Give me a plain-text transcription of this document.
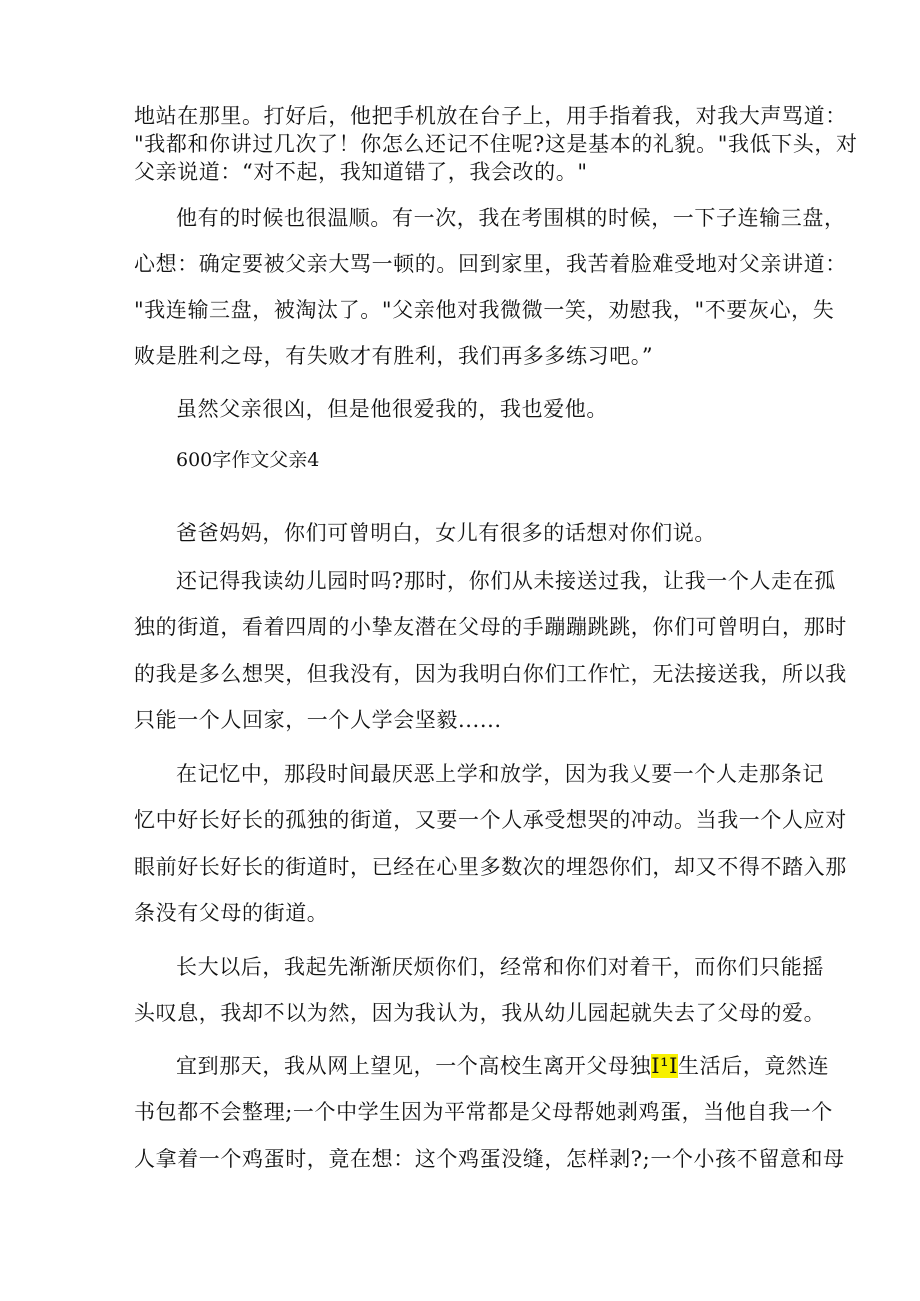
地站在那里。打好后，他把手机放在台子上，用手指着我，对我大声骂道：
"我都和你讲过几次了！你怎么还记不住呢?这是基本的礼貌。"我低下头，对
父亲说道：“对不起，我知道错了，我会改的。"
他有的时候也很温顺。有一次，我在考围棋的时候，一下子连输三盘，
心想：确定要被父亲大骂一顿的。回到家里，我苦着脸难受地对父亲讲道：
"我连输三盘，被淘汰了。"父亲他对我微微一笑，劝慰我，"不要灰心，失
败是胜利之母，有失败才有胜利，我们再多多练习吧。”
虽然父亲很凶，但是他很爱我的，我也爱他。
600字作文父亲4
爸爸妈妈，你们可曾明白，女儿有很多的话想对你们说。
还记得我读幼儿园时吗?那时，你们从未接送过我，让我一个人走在孤
独的街道，看着四周的小挚友潜在父母的手蹦蹦跳跳，你们可曾明白，那时
的我是多么想哭，但我没有，因为我明白你们工作忙，无法接送我，所以我
只能一个人回家，一个人学会坚毅......
在记忆中，那段时间最厌恶上学和放学，因为我乂要一个人走那条记
忆中好长好长的孤独的街道，又要一个人承受想哭的冲动。当我一个人应对
眼前好长好长的街道时，已经在心里多数次的埋怨你们，却又不得不踏入那
条没有父母的街道。
长大以后，我起先渐渐厌烦你们，经常和你们对着干，而你们只能摇
头叹息，我却不以为然，因为我认为，我从幼儿园起就失去了父母的爱。
宜到那天，我从网上望见，一个高校生离开父母独I¹I生活后，竟然连
书包都不会整理;一个中学生因为平常都是父母帮她剥鸡蛋，当他自我一个
人拿着一个鸡蛋时，竟在想：这个鸡蛋没缝，怎样剥?;一个小孩不留意和母
